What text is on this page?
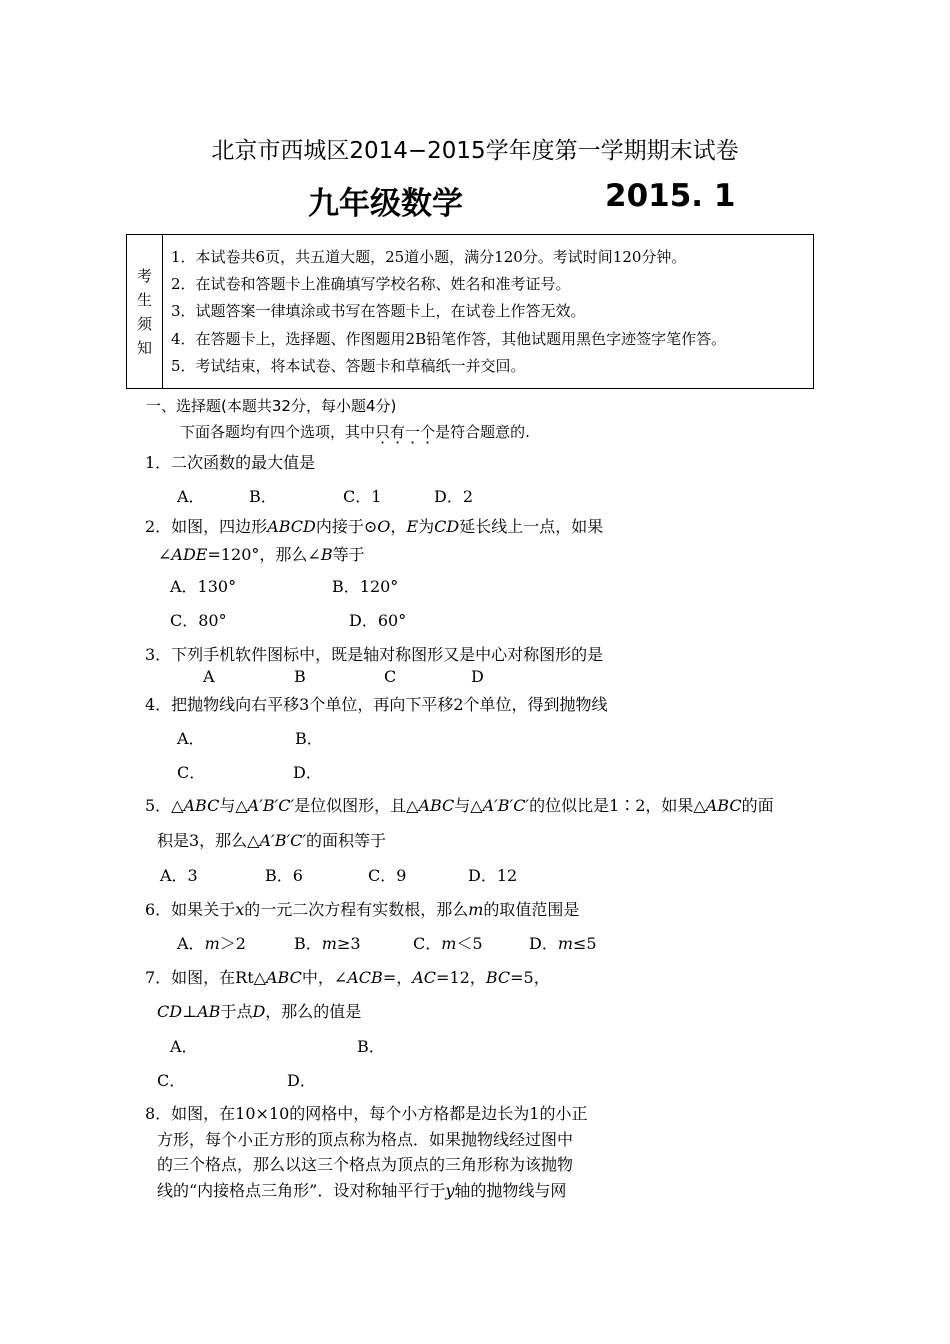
北京市西城区2014−2015学年度第一学期期末试卷
九年级数学	2015. 1
考
生
须
知
1．本试卷共6页，共五道大题，25道小题，满分120分。考试时间120分钟。
2．在试卷和答题卡上准确填写学校名称、姓名和准考证号。
3．试题答案一律填涂或书写在答题卡上，在试卷上作答无效。
4．在答题卡上，选择题、作图题用2B铅笔作答，其他试题用黑色字迹签字笔作答。
5．考试结束，将本试卷、答题卡和草稿纸一并交回。
一、选择题(本题共32分，每小题4分)
下面各题均有四个选项，其中只有一个是符合题意的.
1．二次函数的最大值是
A．	B．	C．1	D．2
2．如图，四边形ABCD内接于⊙O，E为CD延长线上一点，如果
∠ADE=120°，那么∠B等于
A．130°	B．120°
C．80°	D．60°
3．下列手机软件图标中，既是轴对称图形又是中心对称图形的是
A	B	C	D
4．把抛物线向右平移3个单位，再向下平移2个单位，得到抛物线
A．	B．
C．	D．
5．△ABC与△A′B′C′是位似图形，且△ABC与△A′B′C′的位似比是1∶2，如果△ABC的面
积是3，那么△A′B′C′的面积等于
A．3	B．6	C．9	D．12
6．如果关于x的一元二次方程有实数根，那么m的取值范围是
A．m＞2	B．m≥3	C．m＜5	D．m≤5
7．如图，在Rt△ABC中，∠ACB=，AC=12，BC=5，
CD⊥AB于点D，那么的值是
A．	B．
C．	D．
8．如图，在10×10的网格中，每个小方格都是边长为1的小正
方形，每个小正方形的顶点称为格点．如果抛物线经过图中
的三个格点，那么以这三个格点为顶点的三角形称为该抛物
线的“内接格点三角形”．设对称轴平行于y轴的抛物线与网
